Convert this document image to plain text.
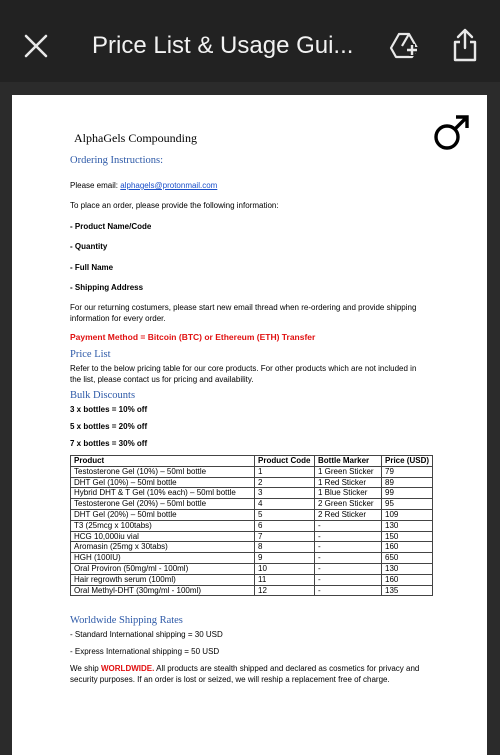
Price List & Usage Gui...
AlphaGels Compounding
Ordering Instructions:
Please email: alphagels@protonmail.com
To place an order, please provide the following information:
- Product Name/Code
- Quantity
- Full Name
- Shipping Address
For our returning costumers, please start new email thread when re-ordering and provide shipping
information for every order.
Payment Method = Bitcoin (BTC) or Ethereum (ETH) Transfer
Price List
Refer to the below pricing table for our core products. For other products which are not included in
the list, please contact us for pricing and availability.
Bulk Discounts
3 x bottles = 10% off
5 x bottles = 20% off
7 x bottles = 30% off
Product	Product Code	Bottle Marker	Price (USD)
Testosterone Gel (10%) – 50ml bottle	1	1 Green Sticker	79
DHT Gel (10%) – 50ml bottle	2	1 Red Sticker	89
Hybrid DHT & T Gel (10% each) – 50ml bottle	3	1 Blue Sticker	99
Testosterone Gel (20%) – 50ml bottle	4	2 Green Sticker	95
DHT Gel (20%) – 50ml bottle	5	2 Red Sticker	109
T3 (25mcg x 100tabs)	6	-	130
HCG 10,000iu vial	7	-	150
Aromasin (25mg x 30tabs)	8	-	160
HGH (100IU)	9	-	650
Oral Proviron (50mg/ml - 100ml)	10	-	130
Hair regrowth serum (100ml)	11	-	160
Oral Methyl-DHT (30mg/ml - 100ml)	12	-	135
Worldwide Shipping Rates
- Standard International shipping = 30 USD
- Express International shipping = 50 USD
We ship WORLDWIDE. All products are stealth shipped and declared as cosmetics for privacy and
security purposes. If an order is lost or seized, we will reship a replacement free of charge.
